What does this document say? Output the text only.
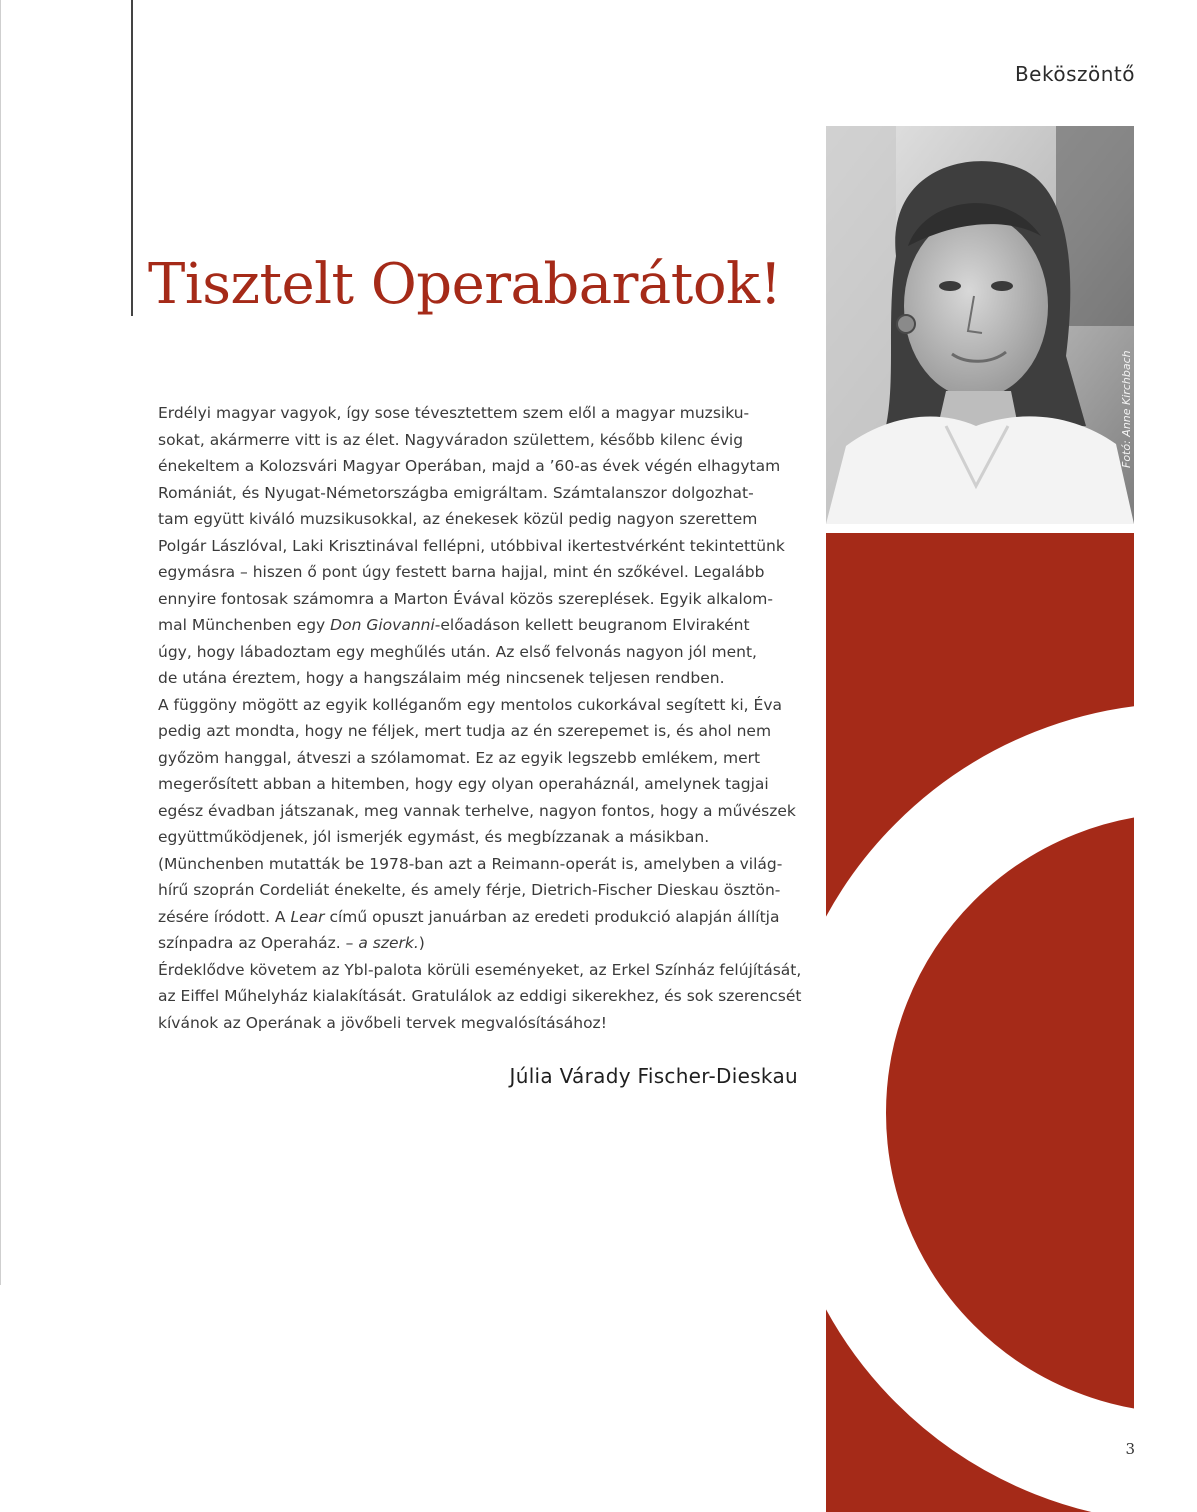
Beköszöntő

Tisztelt Operabarátok!

Erdélyi magyar vagyok, így sose tévesztettem szem elől a magyar muzsiku-

sokat, akármerre vitt is az élet. Nagyváradon születtem, később kilenc évig

énekeltem a Kolozsvári Magyar Operában, majd a ’60-as évek végén elhagytam

Romániát, és Nyugat-Németországba emigráltam. Számtalanszor dolgozhat-

tam együtt kiváló muzsikusokkal, az énekesek közül pedig nagyon szerettem

Polgár Lászlóval, Laki Krisztinával fellépni, utóbbival ikertestvérként tekintettünk

egymásra – hiszen ő pont úgy festett barna hajjal, mint én szőkével. Legalább

ennyire fontosak számomra a Marton Évával közös szereplések. Egyik alkalom-

mal Münchenben egy Don Giovanni-előadáson kellett beugranom Elviraként

úgy, hogy lábadoztam egy meghűlés után. Az első felvonás nagyon jól ment,

de utána éreztem, hogy a hangszálaim még nincsenek teljesen rendben.

A függöny mögött az egyik kolléganőm egy mentolos cukorkával segített ki, Éva

pedig azt mondta, hogy ne féljek, mert tudja az én szerepemet is, és ahol nem

győzöm hanggal, átveszi a szólamomat. Ez az egyik legszebb emlékem, mert

megerősített abban a hitemben, hogy egy olyan operaháznál, amelynek tagjai

egész évadban játszanak, meg vannak terhelve, nagyon fontos, hogy a művészek

együttműködjenek, jól ismerjék egymást, és megbízzanak a másikban.

(Münchenben mutatták be 1978-ban azt a Reimann-operát is, amelyben a világ-

hírű szoprán Cordeliát énekelte, és amely férje, Dietrich-Fischer Dieskau ösztön-

zésére íródott. A Lear című opuszt januárban az eredeti produkció alapján állítja

színpadra az Operaház. – a szerk.)

Érdeklődve követem az Ybl-palota körüli eseményeket, az Erkel Színház felújítását,

az Eiffel Műhelyház kialakítását. Gratulálok az eddigi sikerekhez, és sok szerencsét

kívánok az Operának a jövőbeli tervek megvalósításához!

Júlia Várady Fischer-Dieskau

Fotó: Anne Kirchbach

3
